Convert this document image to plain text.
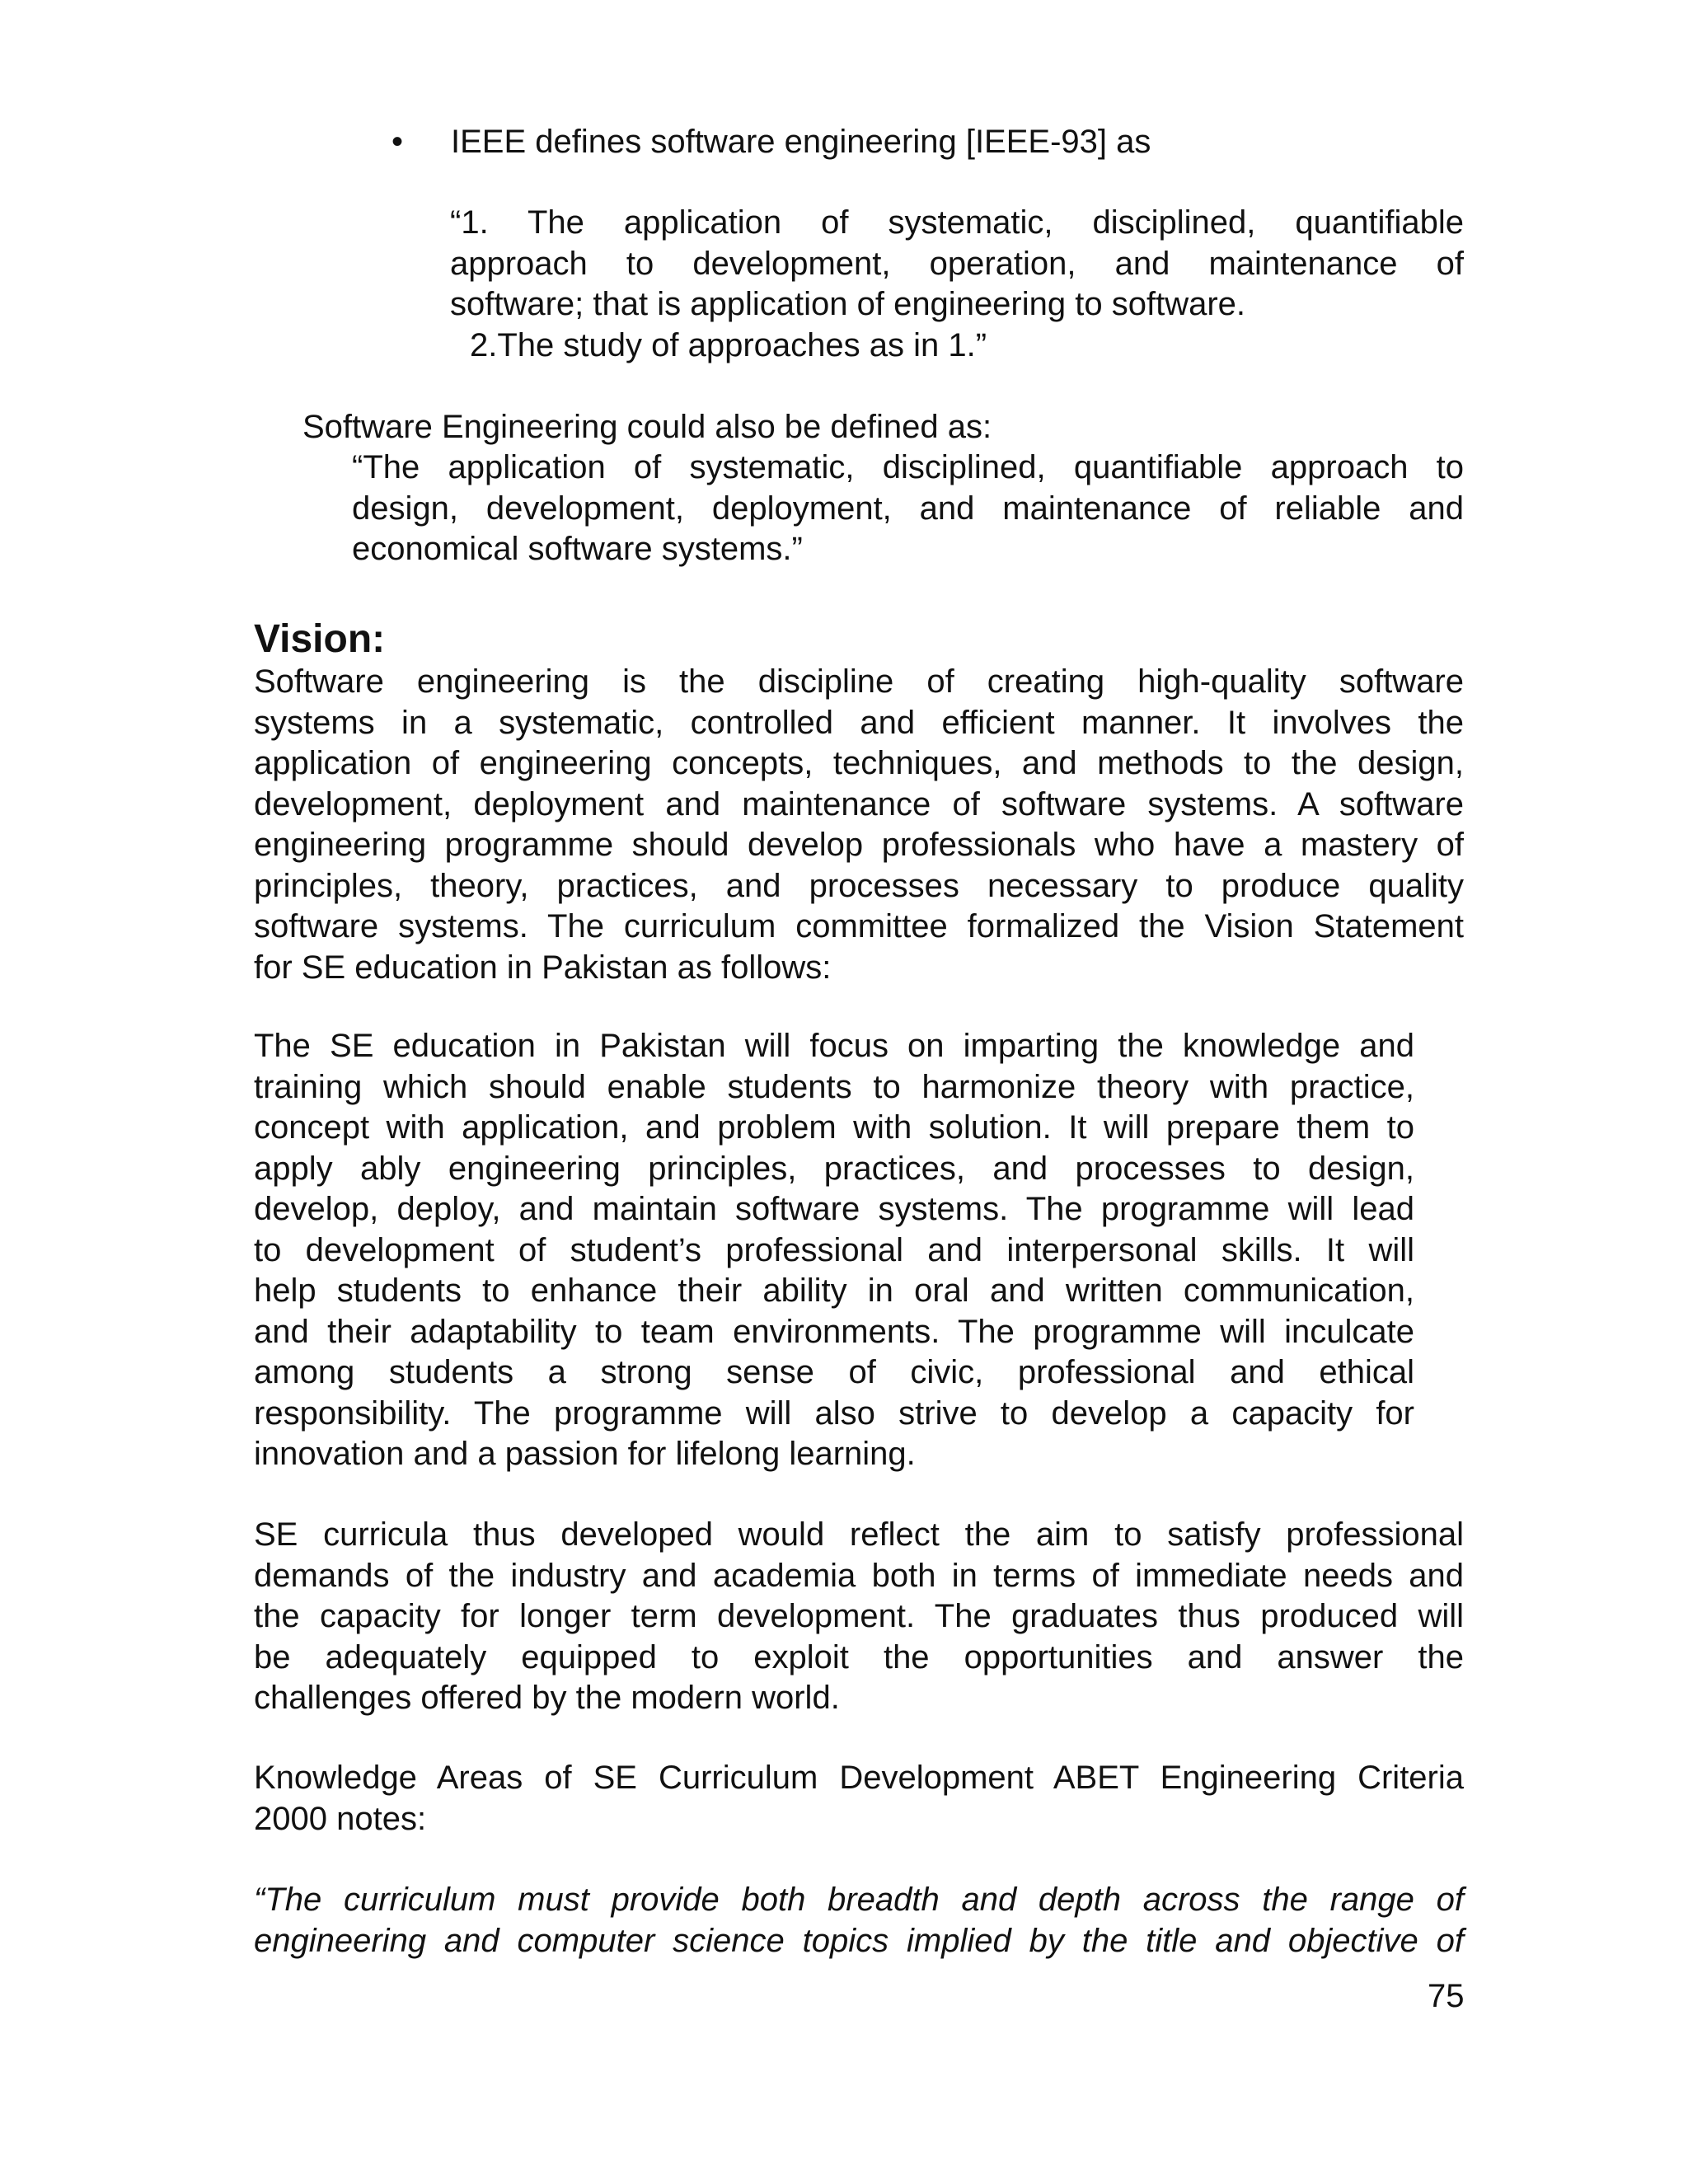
•	IEEE defines software engineering [IEEE-93] as
“1. The application of systematic, disciplined, quantifiable
approach to development, operation, and maintenance of
software; that is application of engineering to software.
2.The study of approaches as in 1.”
Software Engineering could also be defined as:
“The application of systematic, disciplined, quantifiable approach to
design, development, deployment, and maintenance of reliable and
economical software systems.”
Vision:
Software engineering is the discipline of creating high-quality software
systems in a systematic, controlled and efficient manner. It involves the
application of engineering concepts, techniques, and methods to the design,
development, deployment and maintenance of software systems. A software
engineering programme should develop professionals who have a mastery of
principles, theory, practices, and processes necessary to produce quality
software systems. The curriculum committee formalized the Vision Statement
for SE education in Pakistan as follows:
The SE education in Pakistan will focus on imparting the knowledge and
training which should enable students to harmonize theory with practice,
concept with application, and problem with solution. It will prepare them to
apply ably engineering principles, practices, and processes to design,
develop, deploy, and maintain software systems. The programme will lead
to development of student’s professional and interpersonal skills. It will
help students to enhance their ability in oral and written communication,
and their adaptability to team environments. The programme will inculcate
among students a strong sense of civic, professional and ethical
responsibility. The programme will also strive to develop a capacity for
innovation and a passion for lifelong learning.
SE curricula thus developed would reflect the aim to satisfy professional
demands of the industry and academia both in terms of immediate needs and
the capacity for longer term development. The graduates thus produced will
be adequately equipped to exploit the opportunities and answer the
challenges offered by the modern world.
Knowledge Areas of SE Curriculum Development ABET Engineering Criteria
2000 notes:
“The curriculum must provide both breadth and depth across the range of
engineering and computer science topics implied by the title and objective of
75
